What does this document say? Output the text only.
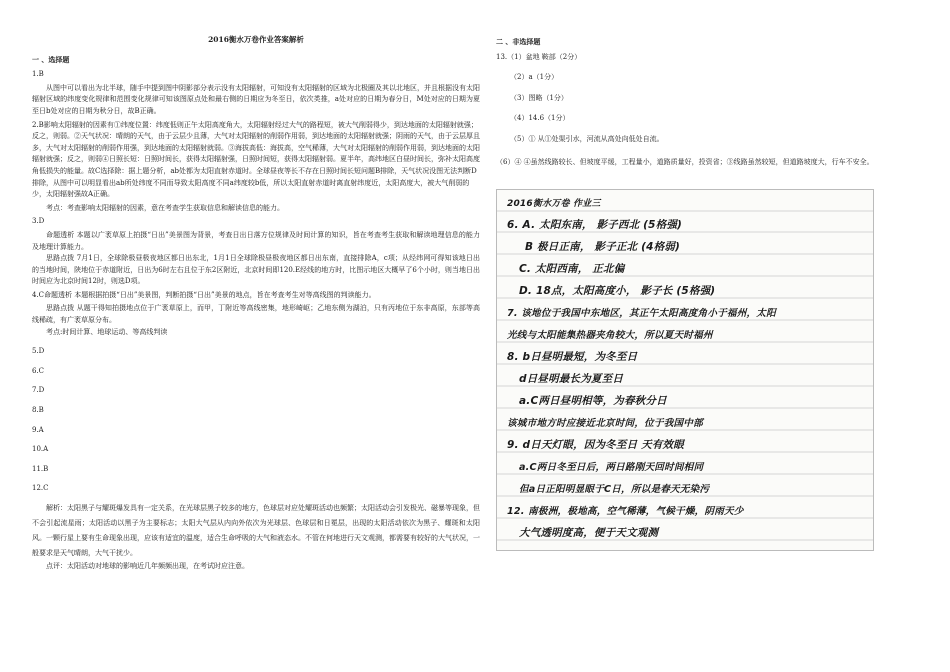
2016衡水万卷作业答案解析
一 、选择题
1.B

从图中可以看出为北半球，随手中提到图中阴影部分表示没有太阳辐射，可知没有太阳辐射的区域为北极圈及其以北地区，并且根据没有太阳辐射区域的纬度变化规律和范围变化规律可知该图原点处和最右侧的日期应为冬至日，依次类推，a处对应的日期为春分日，M处对应的日期为夏至日b处对应的日期为秋分日，故B正确。

2.B影响太阳辐射的因素有①纬度位置：纬度低则正午太阳高度角大，太阳辐射经过大气的路程短，被大气削弱得少，到达地面的太阳辐射就强；反之，则弱。②天气状况：晴朗的天气，由于云层少且薄，大气对太阳辐射的削弱作用弱，到达地面的太阳辐射就强；阴雨的天气，由于云层厚且多，大气对太阳辐射的削弱作用强，到达地面的太阳辐射就弱。③海拔高低：海拔高，空气稀薄，大气对太阳辐射的削弱作用弱，到达地面的太阳辐射就强；反之，则弱④日照长短：日照时间长，获得太阳辐射强，日照时间短，获得太阳辐射弱。夏半年，高纬地区白昼时间长，弥补太阳高度角低损失的能量。故C选择除：据上题分析，ab处都为太阳直射赤道时。全球昼夜等长不存在日照时间长短问题B排除，天气状况没图无法判断D排除，从图中可以明显看出ab所处纬度不同而导致太阳高度不同a纬度较b低，所以太阳直射赤道时离直射纬度近，太阳高度大，被大气削弱的少，太阳辐射强故A正确。

考点：考查影响太阳辐射的因素，意在考查学生获取信息和解读信息的能力。

3.D

命题透析 本题以广袤草原上拍摄“日出”美景图为背景，考查日出日落方位规律及时间计算的知识，旨在考查考生获取和解读地理信息的能力及地理计算能力。

思路点拨 7月1日，全球除极昼极夜地区都日出东北，1月1日全球除极昼极夜地区都日出东南，直接排除A，c项；从经纬网可得知该地日出的当地时间，陕地位于赤道附近，日出为6时左右且位于东2区附近，北京时间即120.E经线的地方时，比图示地区大概早了6个小时，则当地日出时间应为北京时间12时，则选D项。

4.C命题透析 本题根据拍摄“日出”美景图，判断拍摄“日出”美景的地点，旨在考查考生对等高线图的判读能力。

思路点拨 从题干得知拍摄地点位于广袤草原上，而甲，丁附近等高线密集，地形崎岖；乙地东侧为湖泊，只有丙地位于东非高原，东部等高线稀疏，有广袤草原分布。

考点:时间计算、地球运动、等高线判读

5.D
6.C
7.D
8.B
9.A
10.A
11.B
12.C

解析：太阳黑子与耀斑爆发具有一定关系，在光球层黑子较多的地方，色球层对应处耀斑活动也频繁；太阳活动会引发极光、磁暴等现象，但不会引起流星雨；太阳活动以黑子为主要标志；太阳大气层从内向外依次为光球层、色球层和日冕层，出现的太阳活动依次为黑子、耀斑和太阳风。一颗行星上要有生命现象出现，应该有适宜的温度，适合生命呼吸的大气和液态水。不管在何地进行天文观测，都需要有较好的大气状况，一般要求是天气晴朗，大气干扰少。

点评：太阳活动对地球的影响近几年频频出现，在考试时应注意。

二 、非选择题
13.（1）盆地 鞍部（2分）
（2）a（1分）
（3）图略（1分）
（4）14.6（1分）
（5）① 从①处渠引水，河流从高处向低处自流。
（6）④ ④虽然线路较长、但坡度平缓，工程量小，道路质量好，投资省；③线路虽然较短，但道路坡度大，行车不安全。
2016衡水万卷 作业三
6. A. 太阳东南， 影子西北 (5格强)
B 极日正南， 影子正北 (4格弱)
C. 太阳西南， 正北偏
D. 18点，太阳高度小， 影子长 (5格强)
7. 该地位于我国中东地区，其正午太阳高度角小于福州，太阳
光线与太阳能集热器夹角较大，所以夏天时福州
8. b日昼明最短，为冬至日
d日昼明最长为夏至日
a.C两日昼明相等，为春秋分日
该城市地方时应接近北京时间，位于我国中部
9. d日天灯眼，因为冬至日 天有效眼
a.C两日冬至日后，两日路刚天回时间相同
但a日正阳明显眼于C日，所以是春天无染污
12. 南极洲，极地高，空气稀薄，气候干燥，阴雨天少
大气透明度高，便于天文观测
